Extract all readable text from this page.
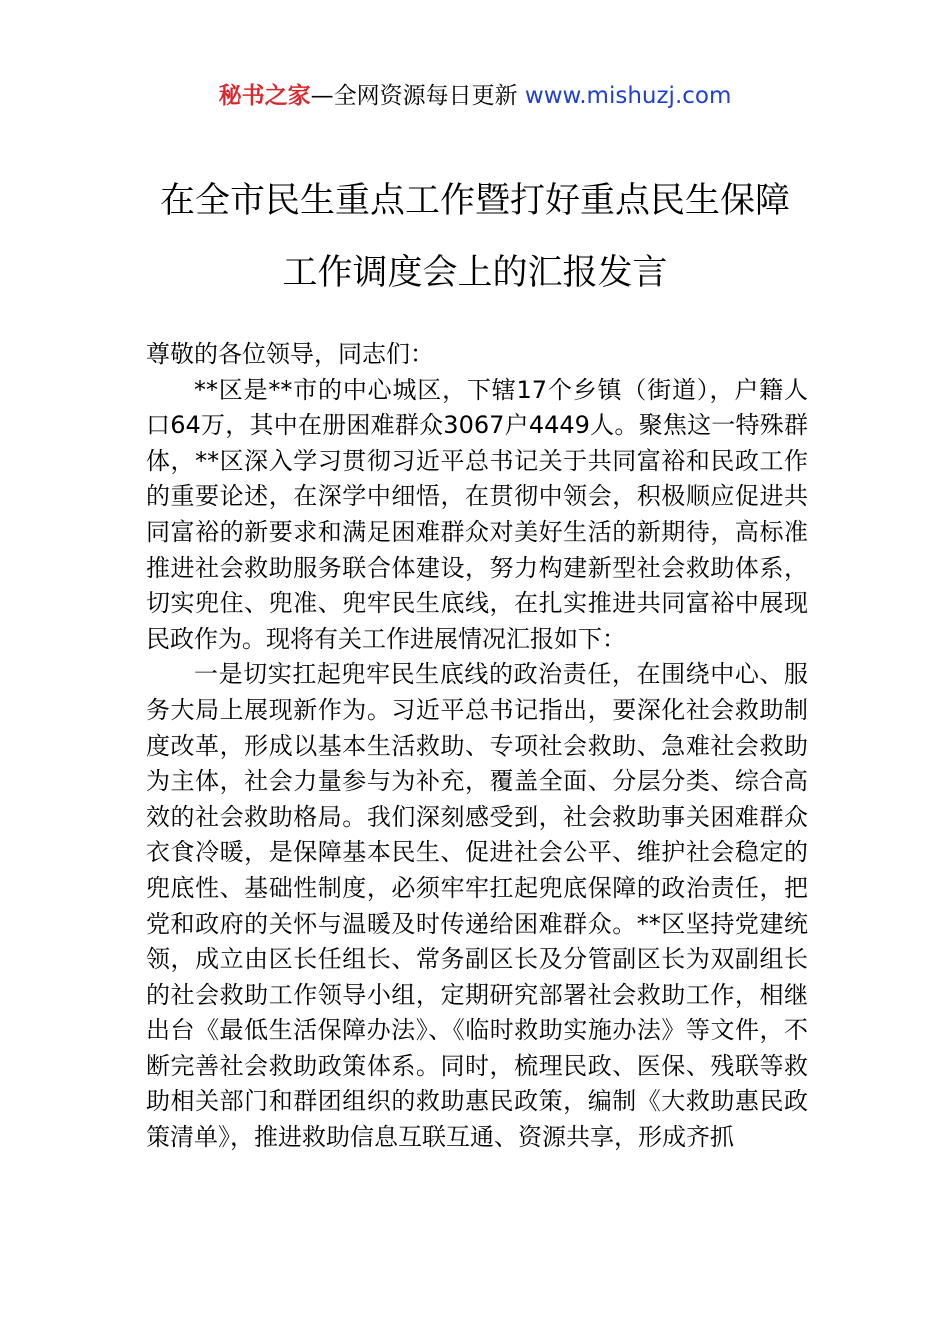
秘书之家—全网资源每日更新 www.mishuzj.com
在全市民生重点工作暨打好重点民生保障
工作调度会上的汇报发言

尊敬的各位领导，同志们：

**区是**市的中心城区，下辖17个乡镇（街道），户籍人口64万，其中在册困难群众3067户4449人。聚焦这一特殊群体，**区深入学习贯彻习近平总书记关于共同富裕和民政工作的重要论述，在深学中细悟，在贯彻中领会，积极顺应促进共同富裕的新要求和满足困难群众对美好生活的新期待，高标准推进社会救助服务联合体建设，努力构建新型社会救助体系，切实兜住、兜准、兜牢民生底线，在扎实推进共同富裕中展现民政作为。现将有关工作进展情况汇报如下：

一是切实扛起兜牢民生底线的政治责任，在围绕中心、服务大局上展现新作为。习近平总书记指出，要深化社会救助制度改革，形成以基本生活救助、专项社会救助、急难社会救助为主体，社会力量参与为补充，覆盖全面、分层分类、综合高效的社会救助格局。我们深刻感受到，社会救助事关困难群众衣食冷暖，是保障基本民生、促进社会公平、维护社会稳定的兜底性、基础性制度，必须牢牢扛起兜底保障的政治责任，把党和政府的关怀与温暖及时传递给困难群众。**区坚持党建统领，成立由区长任组长、常务副区长及分管副区长为双副组长的社会救助工作领导小组，定期研究部署社会救助工作，相继出台《最低生活保障办法》、《临时救助实施办法》等文件，不断完善社会救助政策体系。同时，梳理民政、医保、残联等救助相关部门和群团组织的救助惠民政策，编制《大救助惠民政策清单》，推进救助信息互联互通、资源共享，形成齐抓
